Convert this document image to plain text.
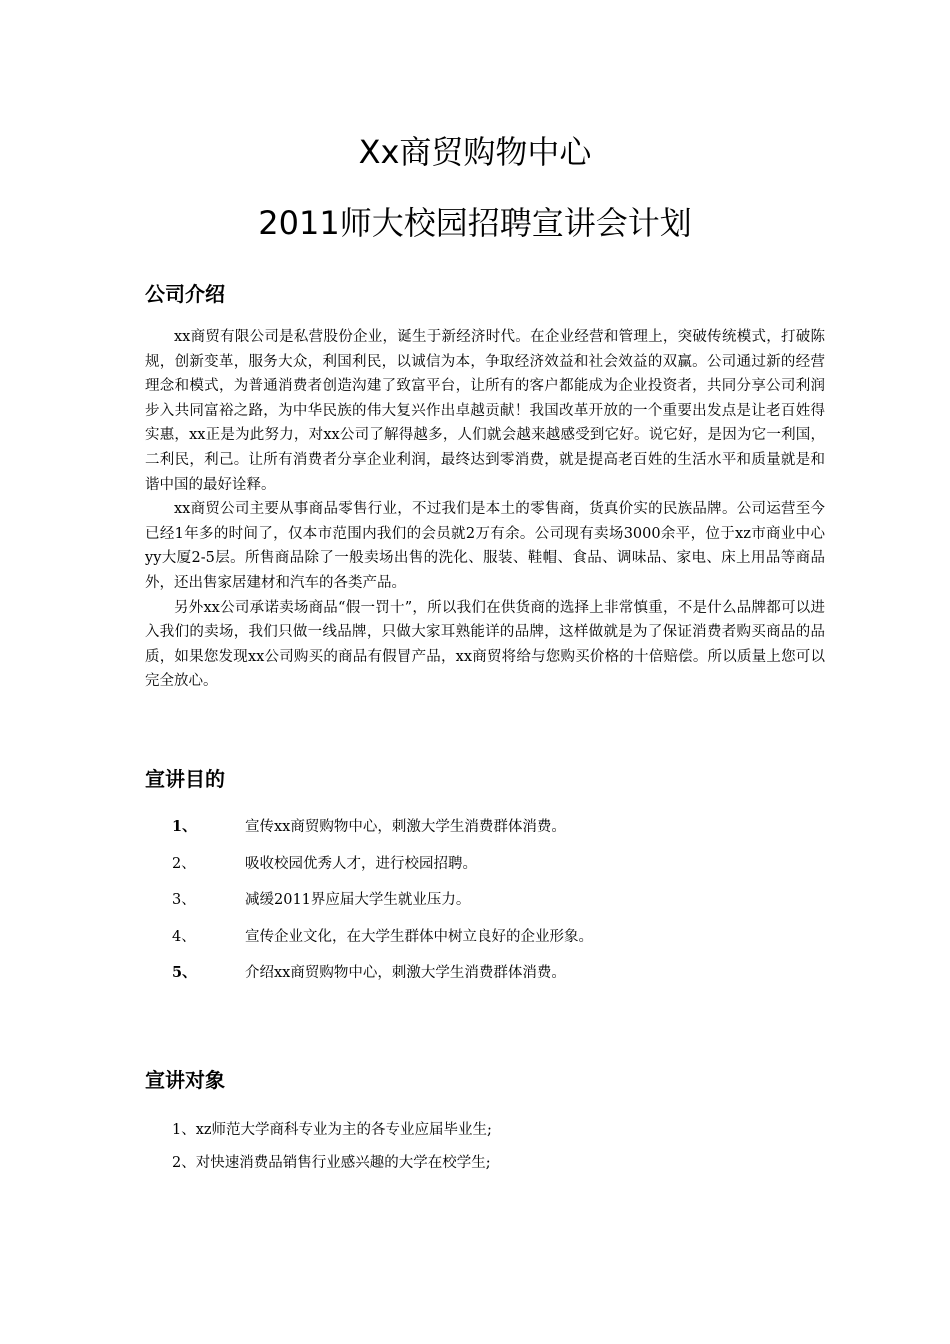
Xx商贸购物中心
2011师大校园招聘宣讲会计划
公司介绍

xx商贸有限公司是私营股份企业，诞生于新经济时代。在企业经营和管理上，突破传统模式，打破陈规，创新变革，服务大众，利国利民，以诚信为本，争取经济效益和社会效益的双赢。公司通过新的经营理念和模式，为普通消费者创造沟建了致富平台，让所有的客户都能成为企业投资者，共同分享公司利润步入共同富裕之路，为中华民族的伟大复兴作出卓越贡献！我国改革开放的一个重要出发点是让老百姓得实惠，xx正是为此努力，对xx公司了解得越多，人们就会越来越感受到它好。说它好，是因为它一利国，二利民，利己。让所有消费者分享企业利润，最终达到零消费，就是提高老百姓的生活水平和质量就是和谐中国的最好诠释。

xx商贸公司主要从事商品零售行业，不过我们是本土的零售商，货真价实的民族品牌。公司运营至今已经1年多的时间了，仅本市范围内我们的会员就2万有余。公司现有卖场3000余平，位于xz市商业中心yy大厦2-5层。所售商品除了一般卖场出售的洗化、服装、鞋帽、食品、调味品、家电、床上用品等商品外，还出售家居建材和汽车的各类产品。

另外xx公司承诺卖场商品“假一罚十”，所以我们在供货商的选择上非常慎重，不是什么品牌都可以进入我们的卖场，我们只做一线品牌，只做大家耳熟能详的品牌，这样做就是为了保证消费者购买商品的品质，如果您发现xx公司购买的商品有假冒产品，xx商贸将给与您购买价格的十倍赔偿。所以质量上您可以完全放心。

宣讲目的
1、	宣传xx商贸购物中心，刺激大学生消费群体消费。
2、	吸收校园优秀人才，进行校园招聘。
3、	减缓2011界应届大学生就业压力。
4、	宣传企业文化，在大学生群体中树立良好的企业形象。
5、	介绍xx商贸购物中心，刺激大学生消费群体消费。
宣讲对象
1、xz师范大学商科专业为主的各专业应届毕业生;
2、对快速消费品销售行业感兴趣的大学在校学生;
